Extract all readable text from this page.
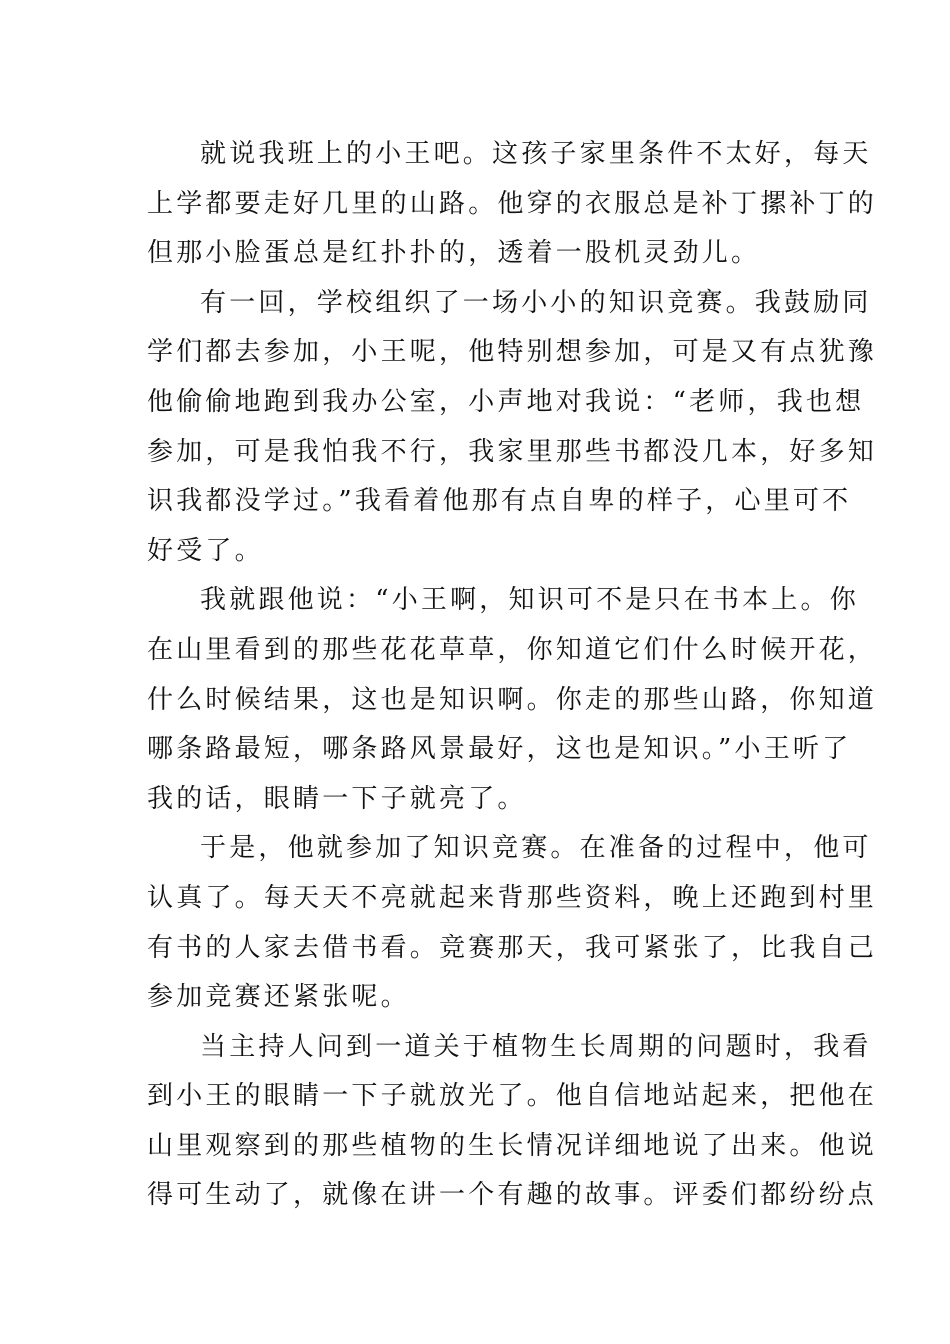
就说我班上的小王吧。这孩子家里条件不太好，每天
上学都要走好几里的山路。他穿的衣服总是补丁摞补丁的
但那小脸蛋总是红扑扑的，透着一股机灵劲儿。
有一回，学校组织了一场小小的知识竞赛。我鼓励同
学们都去参加，小王呢，他特别想参加，可是又有点犹豫
他偷偷地跑到我办公室，小声地对我说：“老师，我也想
参加，可是我怕我不行，我家里那些书都没几本，好多知
识我都没学过。”我看着他那有点自卑的样子，心里可不
好受了。
我就跟他说：“小王啊，知识可不是只在书本上。你
在山里看到的那些花花草草，你知道它们什么时候开花，
什么时候结果，这也是知识啊。你走的那些山路，你知道
哪条路最短，哪条路风景最好，这也是知识。”小王听了
我的话，眼睛一下子就亮了。
于是，他就参加了知识竞赛。在准备的过程中，他可
认真了。每天天不亮就起来背那些资料，晚上还跑到村里
有书的人家去借书看。竞赛那天，我可紧张了，比我自己
参加竞赛还紧张呢。
当主持人问到一道关于植物生长周期的问题时，我看
到小王的眼睛一下子就放光了。他自信地站起来，把他在
山里观察到的那些植物的生长情况详细地说了出来。他说
得可生动了，就像在讲一个有趣的故事。评委们都纷纷点
